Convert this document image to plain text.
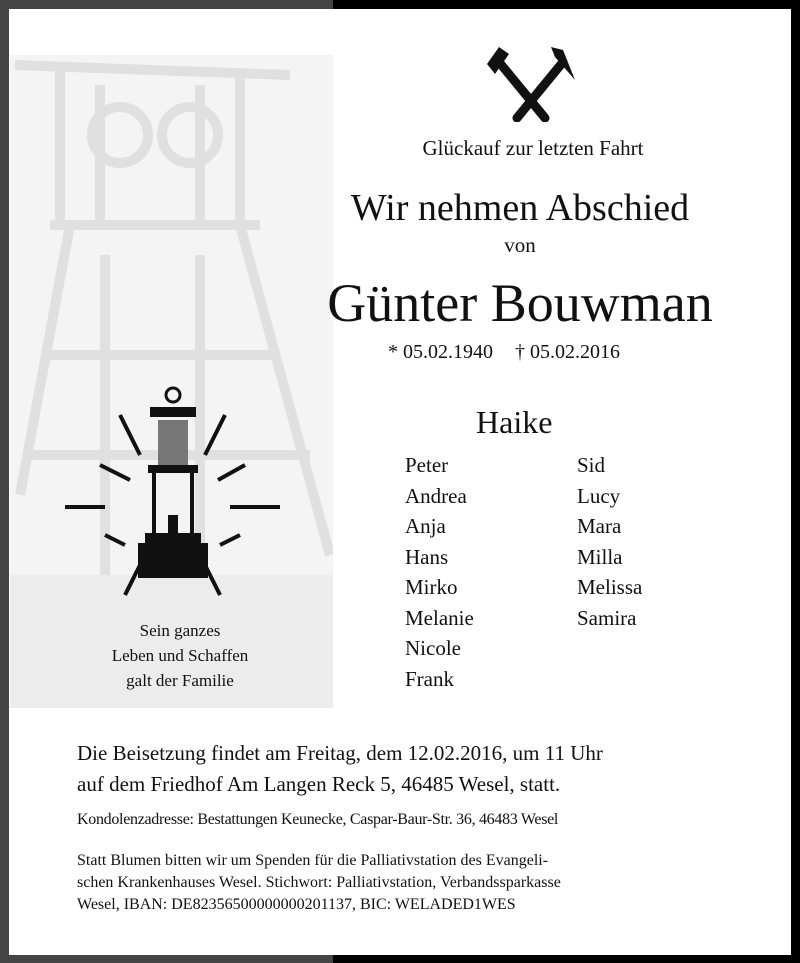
Sein ganzes
Leben und Schaffen
galt der Familie
Glückauf zur letzten Fahrt
Wir nehmen Abschied
von
Günter Bouwman
* 05.02.1940 † 05.02.2016
Haike
Peter
Andrea
Anja
Hans
Mirko
Melanie
Nicole
Frank
Sid
Lucy
Mara
Milla
Melissa
Samira
Die Beisetzung findet am Freitag, dem 12.02.2016, um 11 Uhr
auf dem Friedhof Am Langen Reck 5, 46485 Wesel, statt.
Kondolenzadresse: Bestattungen Keunecke, Caspar-Baur-Str. 36, 46483 Wesel
Statt Blumen bitten wir um Spenden für die Palliativstation des Evangeli-
schen Krankenhauses Wesel. Stichwort: Palliativstation, Verbandssparkasse
Wesel, IBAN: DE82356500000000201137, BIC: WELADED1WES
